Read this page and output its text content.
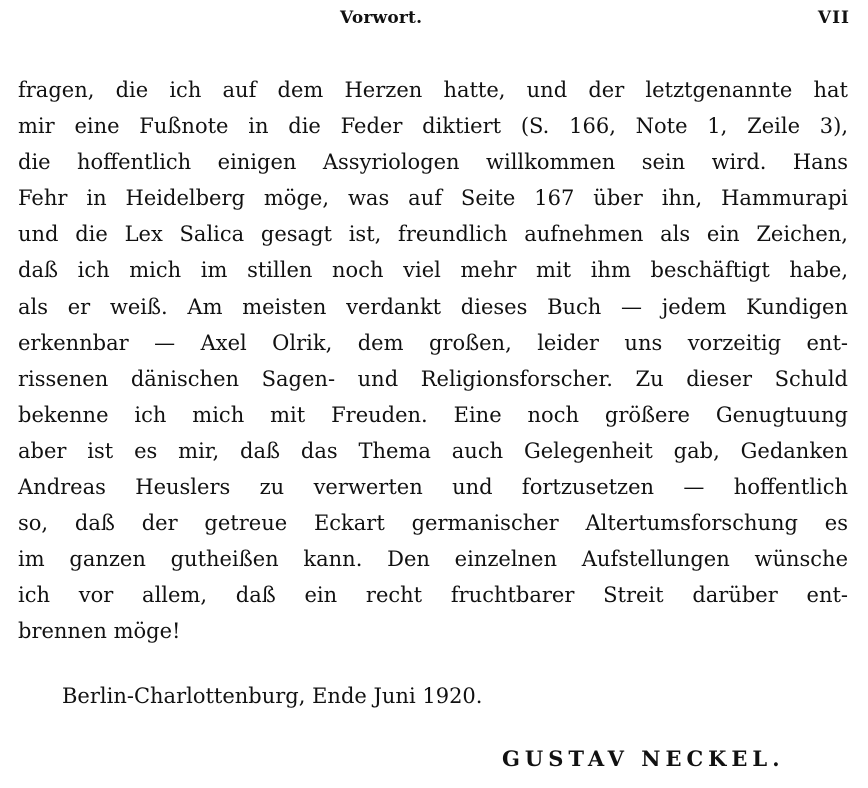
Vorwort.	VII
fragen, die ich auf dem Herzen hatte, und der letztgenannte hat
mir eine Fußnote in die Feder diktiert (S. 166, Note 1, Zeile 3),
die hoffentlich einigen Assyriologen willkommen sein wird. Hans
Fehr in Heidelberg möge, was auf Seite 167 über ihn, Hammurapi
und die Lex Salica gesagt ist, freundlich aufnehmen als ein Zeichen,
daß ich mich im stillen noch viel mehr mit ihm beschäftigt habe,
als er weiß. Am meisten verdankt dieses Buch — jedem Kundigen
erkennbar — Axel Olrik, dem großen, leider uns vorzeitig ent-
rissenen dänischen Sagen- und Religionsforscher. Zu dieser Schuld
bekenne ich mich mit Freuden. Eine noch größere Genugtuung
aber ist es mir, daß das Thema auch Gelegenheit gab, Gedanken
Andreas Heuslers zu verwerten und fortzusetzen — hoffentlich
so, daß der getreue Eckart germanischer Altertumsforschung es
im ganzen gutheißen kann. Den einzelnen Aufstellungen wünsche
ich vor allem, daß ein recht fruchtbarer Streit darüber ent-
brennen möge!
Berlin-Charlottenburg, Ende Juni 1920.
GUSTAV NECKEL.
